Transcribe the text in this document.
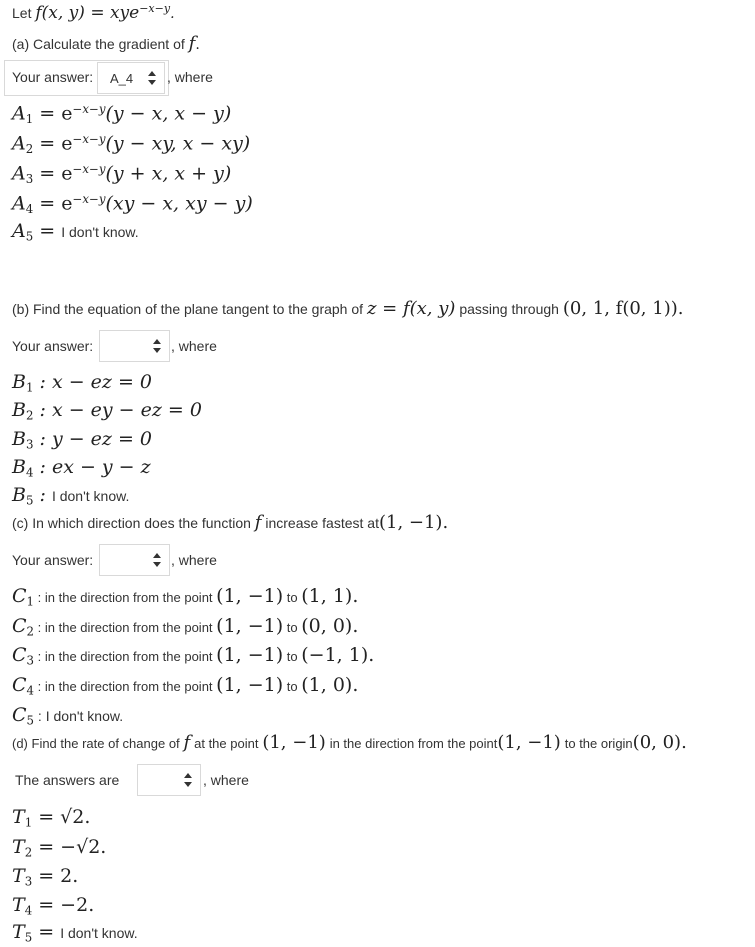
Let f(x, y) = xye$^{-x-y}$.
(a) Calculate the gradient of f.
Your answer: A_4	, where
$A_1 = e^{-x-y}(y - x$, x − y)
$A_2 = e^{-x-y}(y$ − xy, x − xy)
$A_3 = e^{-x-y}(y + x$, x + y)
$A_4 = e^{-x-y}(xy - x$, xy − y)
$A_5 = I$ don't know.
(b) Find the equation of the plane tangent to the graph of z = f(x, y) passing through (0, 1, f(0, 1)).
Your answer:	, where
$B_1$ : x − ez = 0
$B_2$ : x − ey − ez = 0
$B_3$ : y − ez = 0
$B_4$ : ex − y − z
$B_5$ : I don't know.
(c) In which direction does the function f increase fastest at(1, −1).
Your answer:	, where
$C_1$ : in the direction from the point (1, −1) to (1, 1).
$C_2$ : in the direction from the point (1, −1) to (0, 0).
$C_3$ : in the direction from the point (1, −1) to (−1, 1).
$C_4$ : in the direction from the point (1, −1) to (1, 0).
$C_5$ : I don't know.
(d) Find the rate of change of f at the point (1, −1) in the direction from the point(1, −1) to the origin(0, 0).
The answers are	, where
$T_1 = √2$.
$T_2 = -√2$.
$T_3 = 2$.
$T_4 = -2$.
$T_5 = I$ don't know.
